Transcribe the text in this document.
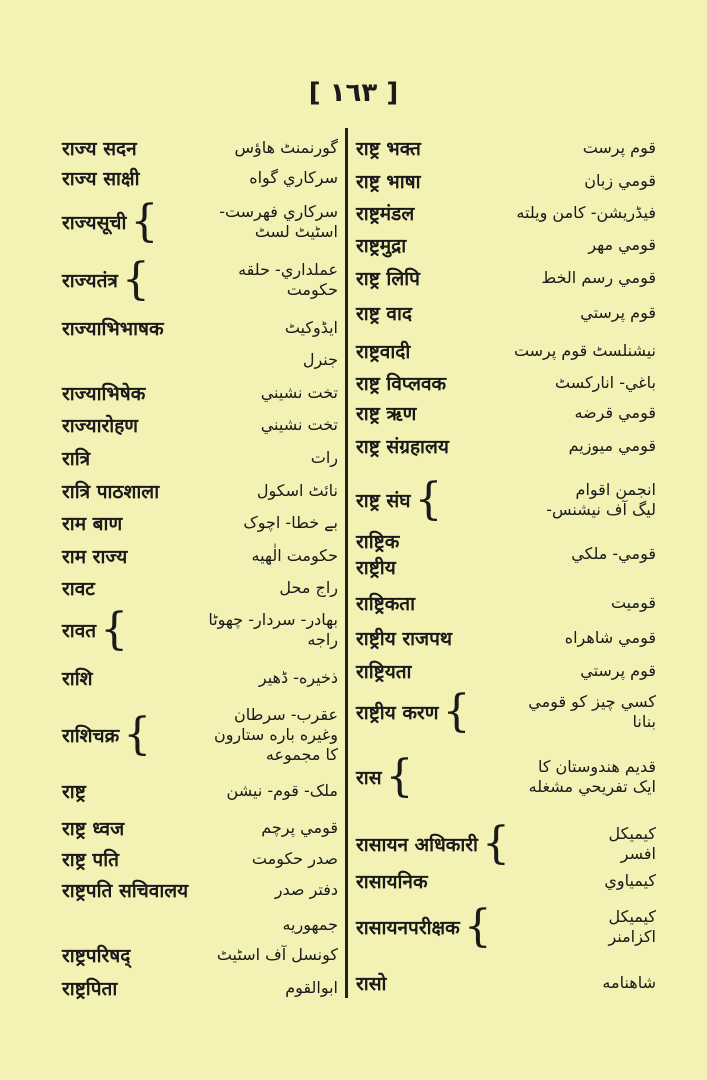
[ ١٦٣ ]
राज्य सदन	گورنمنٹ هاؤس
राज्य साक्षी	سرکاري گواه
राज्यसूची {	سرکاري فهرست-
اسٹیٹ لسٹ
राज्यतंत्र {	عملداري- حلقه
حکومت
राज्याभिभाषक	ایڈوکیٹ
جنرل
राज्याभिषेक	تخت نشيني
राज्यारोहण	تخت نشيني
रात्रि	رات
रात्रि पाठशाला	نائٹ اسکول
राम बाण	بے خطا- اچوک
राम राज्य	حکومت الٰهیه
रावट	راج محل
रावत {	بهادر- سردار- چهوٹا
راجه
राशि	ذخیره- ڈهیر
राशिचक्र {	عقرب- سرطان
وغیره باره ستارون
کا مجموعه
राष्ट्र	ملک- قوم- نیشن
राष्ट्र ध्वज	قومي پرچم
राष्ट्र पति	صدر حکومت
राष्ट्रपति सचिवालय	دفتر صدر
جمهوریه
राष्ट्रपरिषद्	کونسل آف اسٹیٹ
राष्ट्रपिता	ابوالقوم
राष्ट्र भक्त	قوم پرست
राष्ट्र भाषा	قومي زبان
राष्ट्रमंडल	فیڈریشن- کامن ویلته
राष्ट्रमुद्रा	قومي مهر
राष्ट्र लिपि	قومي رسم الخط
राष्ट्र वाद	قوم پرستي
राष्ट्रवादी	نیشنلسٹ قوم پرست
राष्ट्र विप्लवक	باغي- انارکسٹ
राष्ट्र ऋण	قومي قرضه
राष्ट्र संग्रहालय	قومي میوزیم
राष्ट्र संघ {	انجمن اقوام
لیگ آف نیشنس-
राष्ट्रिक
राष्ट्रीय
قومي- ملکي
राष्ट्रिकता	قومیت
राष्ट्रीय राजपथ	قومي شاهراه
राष्ट्रियता	قوم پرستي
राष्ट्रीय करण {	کسي چیز کو قومي
بنانا
रास {	قدیم هندوستان کا
ایک تفریحي مشغله
रासायन अधिकारी {	کیمیکل
افسر
रासायनिक	کیمیاوي
रासायनपरीक्षक {	کیمیکل
اکزامنر
रासो	شاهنامه
